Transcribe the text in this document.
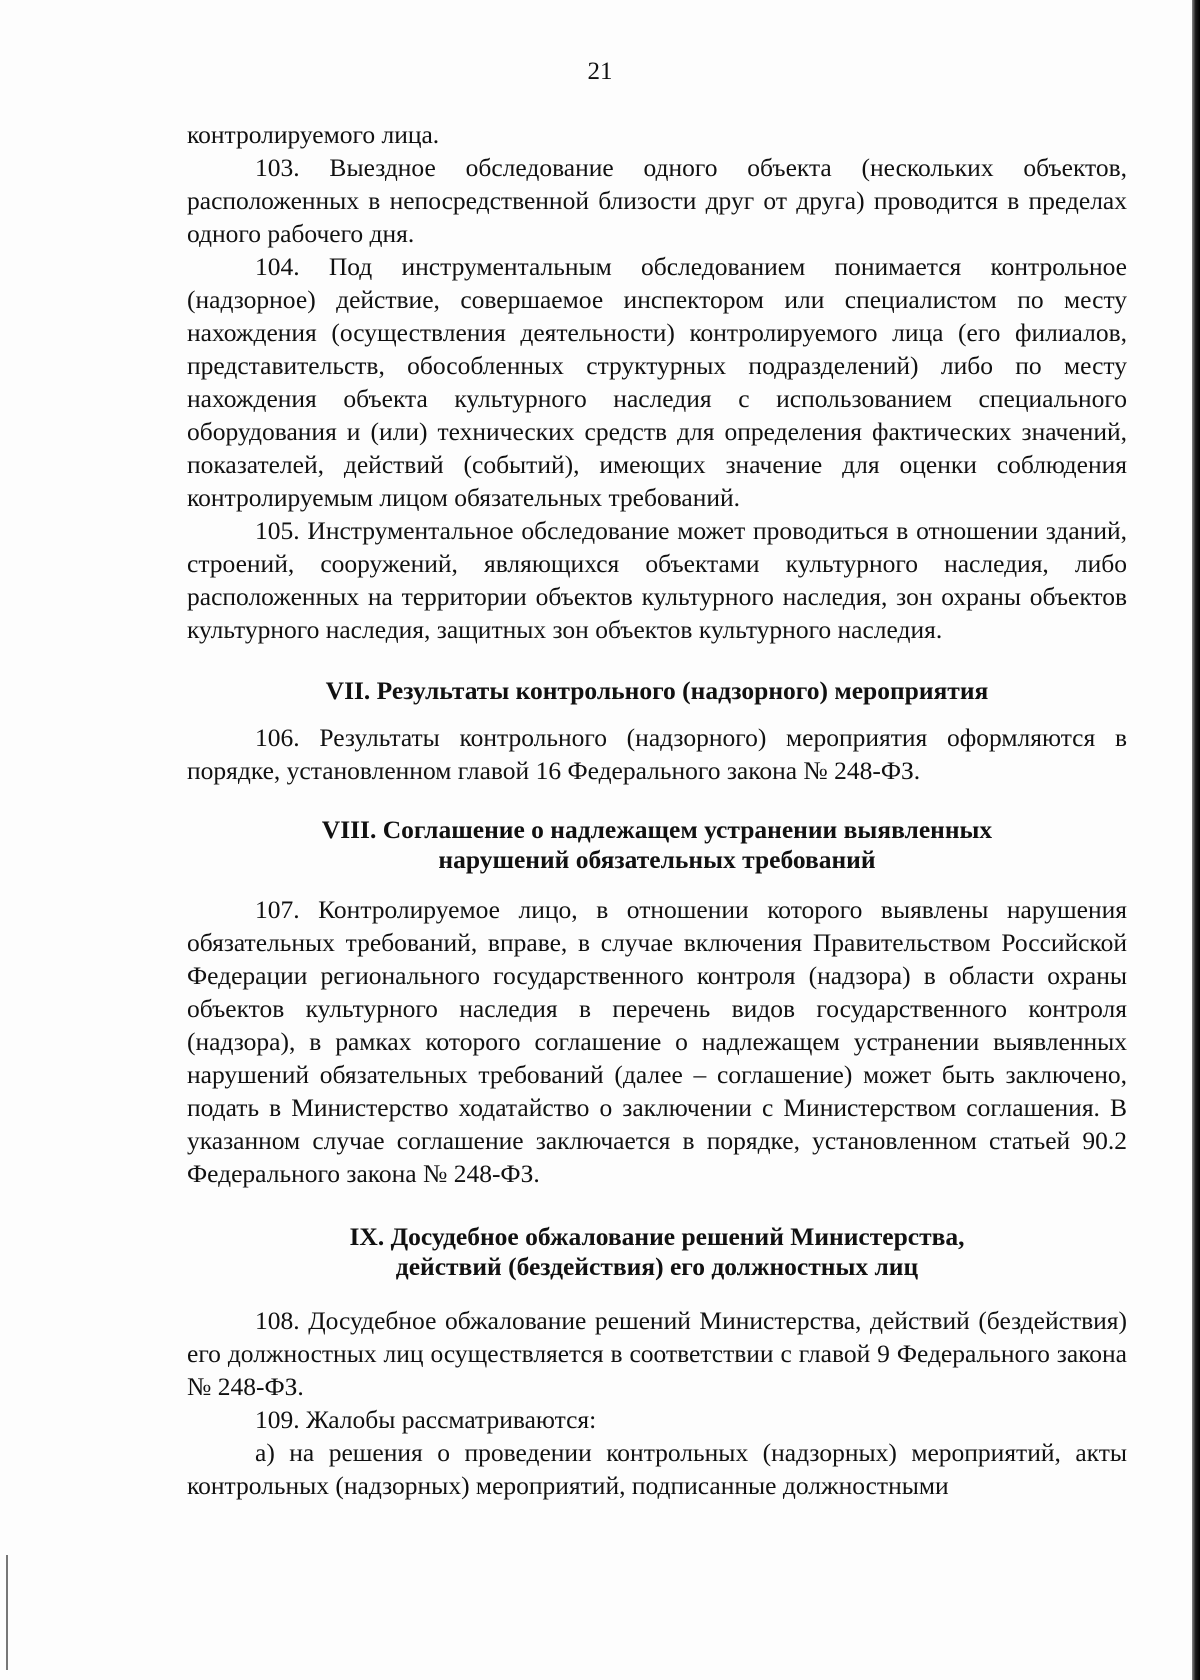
21

контролируемого лица.

103. Выездное обследование одного объекта (нескольких объектов, расположенных в непосредственной близости друг от друга) проводится в пределах одного рабочего дня.

104. Под инструментальным обследованием понимается контрольное (надзорное) действие, совершаемое инспектором или специалистом по месту нахождения (осуществления деятельности) контролируемого лица (его филиалов, представительств, обособленных структурных подразделений) либо по месту нахождения объекта культурного наследия с использованием специального оборудования и (или) технических средств для определения фактических значений, показателей, действий (событий), имеющих значение для оценки соблюдения контролируемым лицом обязательных требований.

105. Инструментальное обследование может проводиться в отношении зданий, строений, сооружений, являющихся объектами культурного наследия, либо расположенных на территории объектов культурного наследия, зон охраны объектов культурного наследия, защитных зон объектов культурного наследия.

VII. Результаты контрольного (надзорного) мероприятия

106. Результаты контрольного (надзорного) мероприятия оформляются в порядке, установленном главой 16 Федерального закона № 248-ФЗ.

VIII. Соглашение о надлежащем устранении выявленных
нарушений обязательных требований

107. Контролируемое лицо, в отношении которого выявлены нарушения обязательных требований, вправе, в случае включения Правительством Российской Федерации регионального государственного контроля (надзора) в области охраны объектов культурного наследия в перечень видов государственного контроля (надзора), в рамках которого соглашение о надлежащем устранении выявленных нарушений обязательных требований (далее – соглашение) может быть заключено, подать в Министерство ходатайство о заключении с Министерством соглашения. В указанном случае соглашение заключается в порядке, установленном статьей 90.2 Федерального закона № 248-ФЗ.

IX. Досудебное обжалование решений Министерства,
действий (бездействия) его должностных лиц

108. Досудебное обжалование решений Министерства, действий (бездействия) его должностных лиц осуществляется в соответствии с главой 9 Федерального закона № 248-ФЗ.

109. Жалобы рассматриваются:

а) на решения о проведении контрольных (надзорных) мероприятий, акты контрольных (надзорных) мероприятий, подписанные должностными
